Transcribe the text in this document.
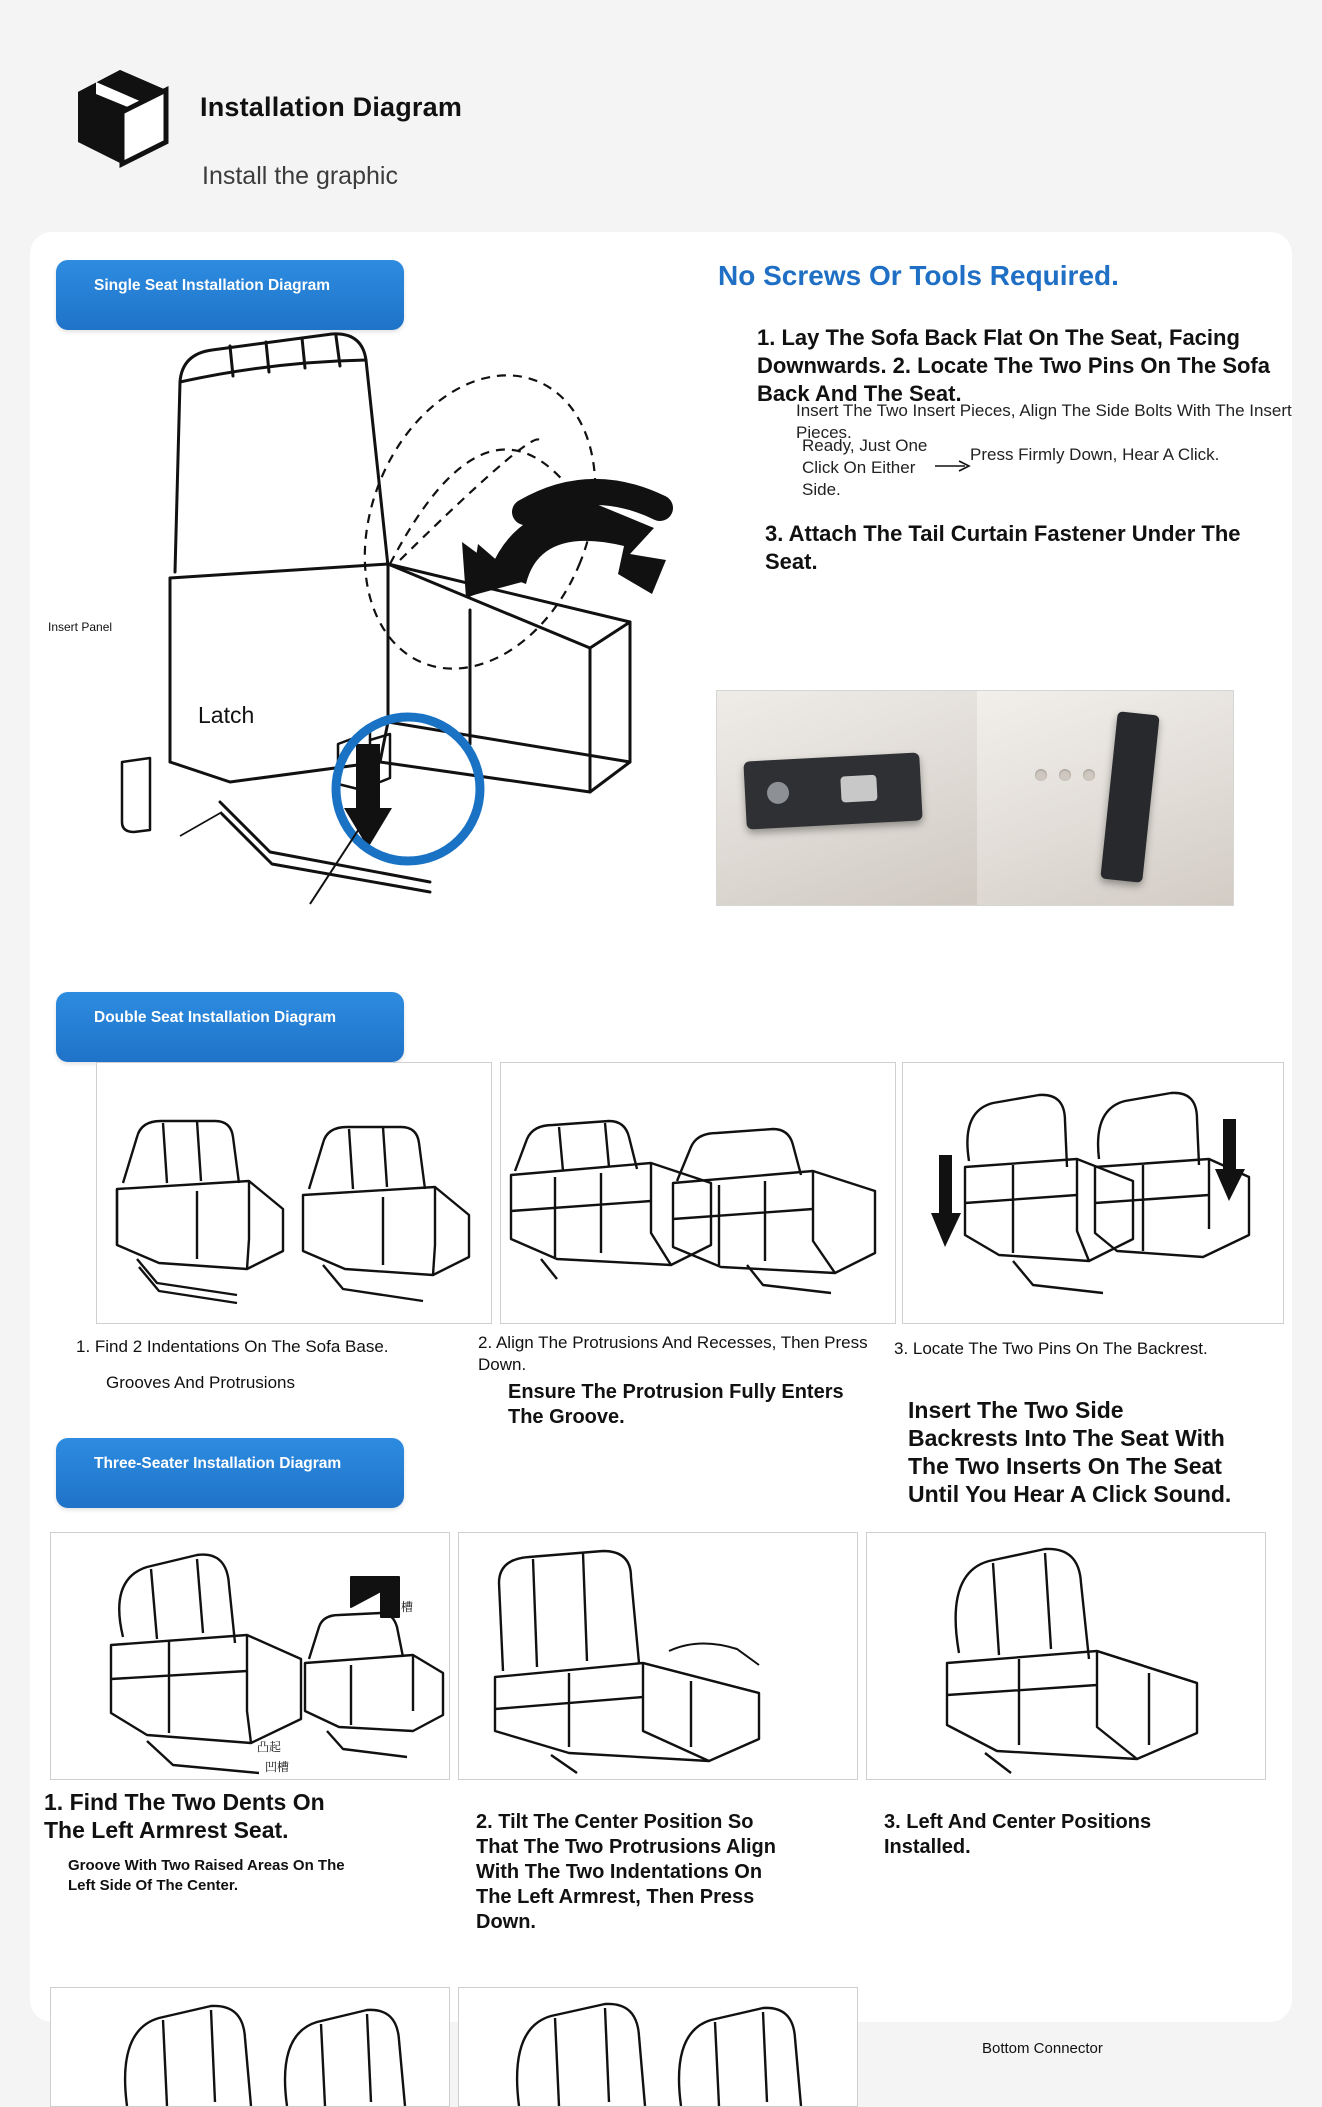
Installation Diagram
Install the graphic
Single Seat Installation Diagram	No Screws Or Tools Required.
1. Lay The Sofa Back Flat On The Seat, Facing Downwards. 2. Locate The Two Pins On The Sofa Back And The Seat.
Insert The Two Insert Pieces, Align The Side Bolts With The Insert Pieces.
Ready, Just One Click On Either Side.
Press Firmly Down, Hear A Click.
3. Attach The Tail Curtain Fastener Under The Seat.
Insert Panel
Latch
Double Seat Installation Diagram
1. Find 2 Indentations On The Sofa Base.
Grooves And Protrusions
2. Align The Protrusions And Recesses, Then Press Down.
Ensure The Protrusion Fully Enters The Groove.
3. Locate The Two Pins On The Backrest.
Insert The Two Side Backrests Into The Seat With The Two Inserts On The Seat Until You Hear A Click Sound.
Three-Seater Installation Diagram
凹槽
凸起
凹槽
1. Find The Two Dents On The Left Armrest Seat.
Groove With Two Raised Areas On The Left Side Of The Center.
2. Tilt The Center Position So That The Two Protrusions Align With The Two Indentations On The Left Armrest, Then Press Down.
3. Left And Center Positions Installed.
Bottom Connector
